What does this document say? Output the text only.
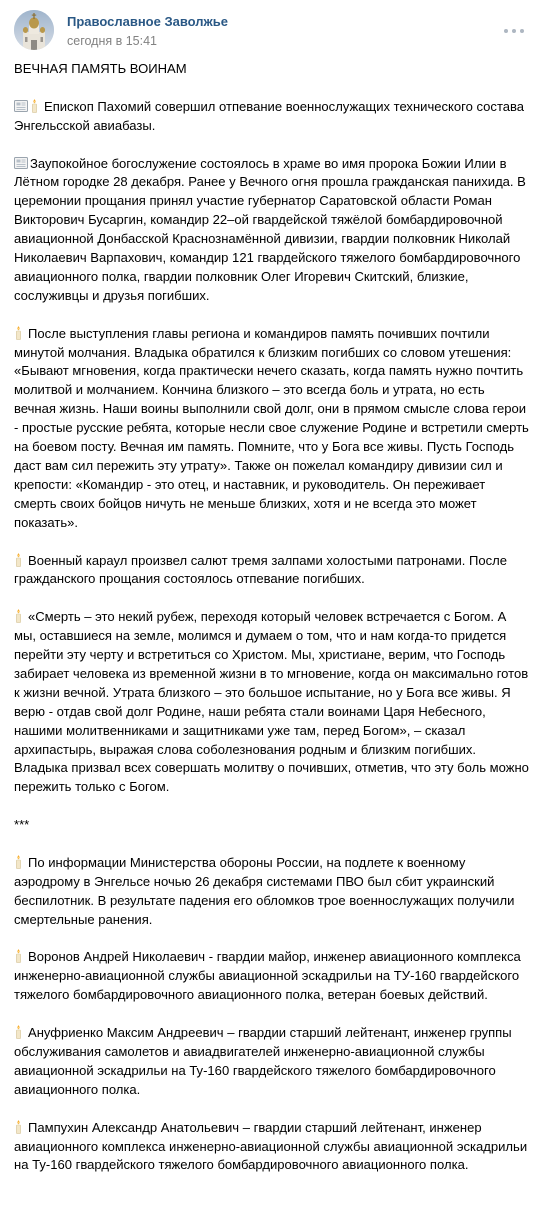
Православное Заволжье
сегодня в 15:41

ВЕЧНАЯ ПАМЯТЬ ВОИНАМ

Епископ Пахомий совершил отпевание военнослужащих технического состава Энгельсской авиабазы.

Заупокойное богослужение состоялось в храме во имя пророка Божии Илии в Лётном городке 28 декабря. Ранее у Вечного огня прошла гражданская панихида. В церемонии прощания принял участие губернатор Саратовской области Роман Викторович Бусаргин, командир 22–ой гвардейской тяжёлой бомбардировочной авиационной Донбасской Краснознамённой дивизии, гвардии полковник Николай Николаевич Варпахович, командир 121 гвардейского тяжелого бомбардировочного авиационного полка, гвардии полковник Олег Игоревич Скитский, близкие, сослуживцы и друзья погибших.

После выступления главы региона и командиров память почивших почтили минутой молчания. Владыка обратился к близким погибших со словом утешения: «Бывают мгновения, когда практически нечего сказать, когда память нужно почтить молитвой и молчанием. Кончина близкого – это всегда боль и утрата, но есть вечная жизнь. Наши воины выполнили свой долг, они в прямом смысле слова герои - простые русские ребята, которые несли свое служение Родине и встретили смерть на боевом посту. Вечная им память. Помните, что у Бога все живы. Пусть Господь даст вам сил пережить эту утрату». Также он пожелал командиру дивизии сил и крепости: «Командир - это отец, и наставник, и руководитель. Он переживает смерть своих бойцов ничуть не меньше близких, хотя и не всегда это может показать».

Военный караул произвел салют тремя залпами холостыми патронами. После гражданского прощания состоялось отпевание погибших.

«Смерть – это некий рубеж, переходя который человек встречается с Богом. А мы, оставшиеся на земле, молимся и думаем о том, что и нам когда-то придется перейти эту черту и встретиться со Христом. Мы, христиане, верим, что Господь забирает человека из временной жизни в то мгновение, когда он максимально готов к жизни вечной. Утрата близкого – это большое испытание, но у Бога все живы. Я верю - отдав свой долг Родине, наши ребята стали воинами Царя Небесного, нашими молитвенниками и защитниками уже там, перед Богом», – сказал архипастырь, выражая слова соболезнования родным и близким погибших. Владыка призвал всех совершать молитву о почивших, отметив, что эту боль можно пережить только с Богом.

***

По информации Министерства обороны России, на подлете к военному аэродрому в Энгельсе ночью 26 декабря системами ПВО был сбит украинский беспилотник. В результате падения его обломков трое военнослужащих получили смертельные ранения.

Воронов Андрей Николаевич - гвардии майор, инженер авиационного комплекса инженерно-авиационной службы авиационной эскадрильи на ТУ-160 гвардейского тяжелого бомбардировочного авиационного полка, ветеран боевых действий.

Ануфриенко Максим Андреевич – гвардии старший лейтенант, инженер группы обслуживания самолетов и авиадвигателей инженерно-авиационной службы авиационной эскадрильи на Ту-160 гвардейского тяжелого бомбардировочного авиационного полка.

Пампухин Александр Анатольевич – гвардии старший лейтенант, инженер авиационного комплекса инженерно-авиационной службы авиационной эскадрильи на Ту-160 гвардейского тяжелого бомбардировочного авиационного полка.
